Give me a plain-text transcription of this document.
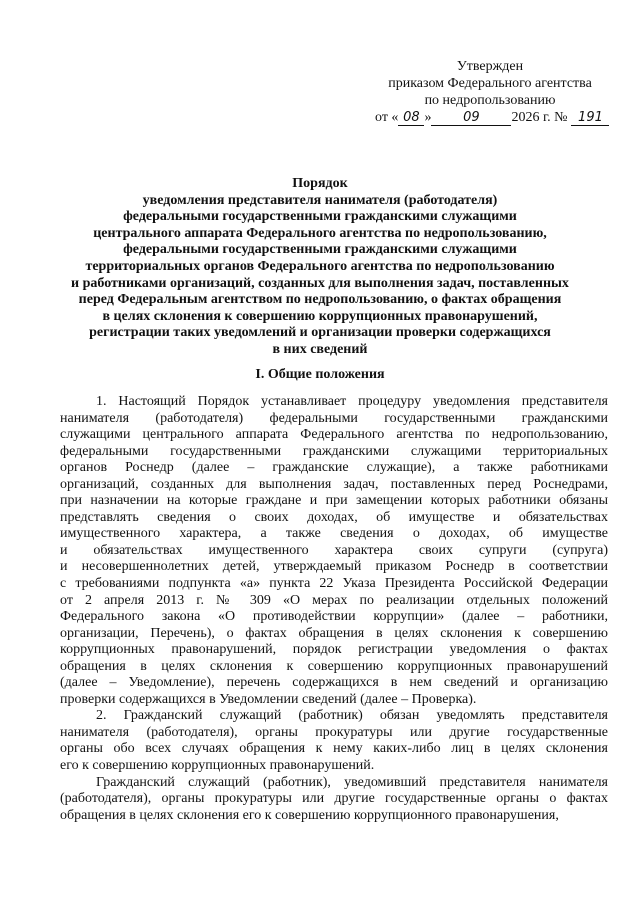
Утвержден
приказом Федерального агентства
по недропользованию
от « 08 » 09 2026 г. № 191
Порядок
уведомления представителя нанимателя (работодателя)
федеральными государственными гражданскими служащими
центрального аппарата Федерального агентства по недропользованию,
федеральными государственными гражданскими служащими
территориальных органов Федерального агентства по недропользованию
и работниками организаций, созданных для выполнения задач, поставленных
перед Федеральным агентством по недропользованию, о фактах обращения
в целях склонения к совершению коррупционных правонарушений,
регистрации таких уведомлений и организации проверки содержащихся
в них сведений
I. Общие положения
1. Настоящий Порядок устанавливает процедуру уведомления представителя
нанимателя (работодателя) федеральными государственными гражданскими
служащими центрального аппарата Федерального агентства по недропользованию,
федеральными государственными гражданскими служащими территориальных
органов Роснедр (далее – гражданские служащие), а также работниками
организаций, созданных для выполнения задач, поставленных перед Роснедрами,
при назначении на которые граждане и при замещении которых работники обязаны
представлять сведения о своих доходах, об имуществе и обязательствах
имущественного характера, а также сведения о доходах, об имуществе
и обязательствах имущественного характера своих супруги (супруга)
и несовершеннолетних детей, утверждаемый приказом Роснедр в соответствии
с требованиями подпункта «а» пункта 22 Указа Президента Российской Федерации
от 2 апреля 2013 г. № 309 «О мерах по реализации отдельных положений
Федерального закона «О противодействии коррупции» (далее – работники,
организации, Перечень), о фактах обращения в целях склонения к совершению
коррупционных правонарушений, порядок регистрации уведомления о фактах
обращения в целях склонения к совершению коррупционных правонарушений
(далее – Уведомление), перечень содержащихся в нем сведений и организацию
проверки содержащихся в Уведомлении сведений (далее – Проверка).
2. Гражданский служащий (работник) обязан уведомлять представителя
нанимателя (работодателя), органы прокуратуры или другие государственные
органы обо всех случаях обращения к нему каких-либо лиц в целях склонения
его к совершению коррупционных правонарушений.
Гражданский служащий (работник), уведомивший представителя нанимателя
(работодателя), органы прокуратуры или другие государственные органы о фактах
обращения в целях склонения его к совершению коррупционного правонарушения,
